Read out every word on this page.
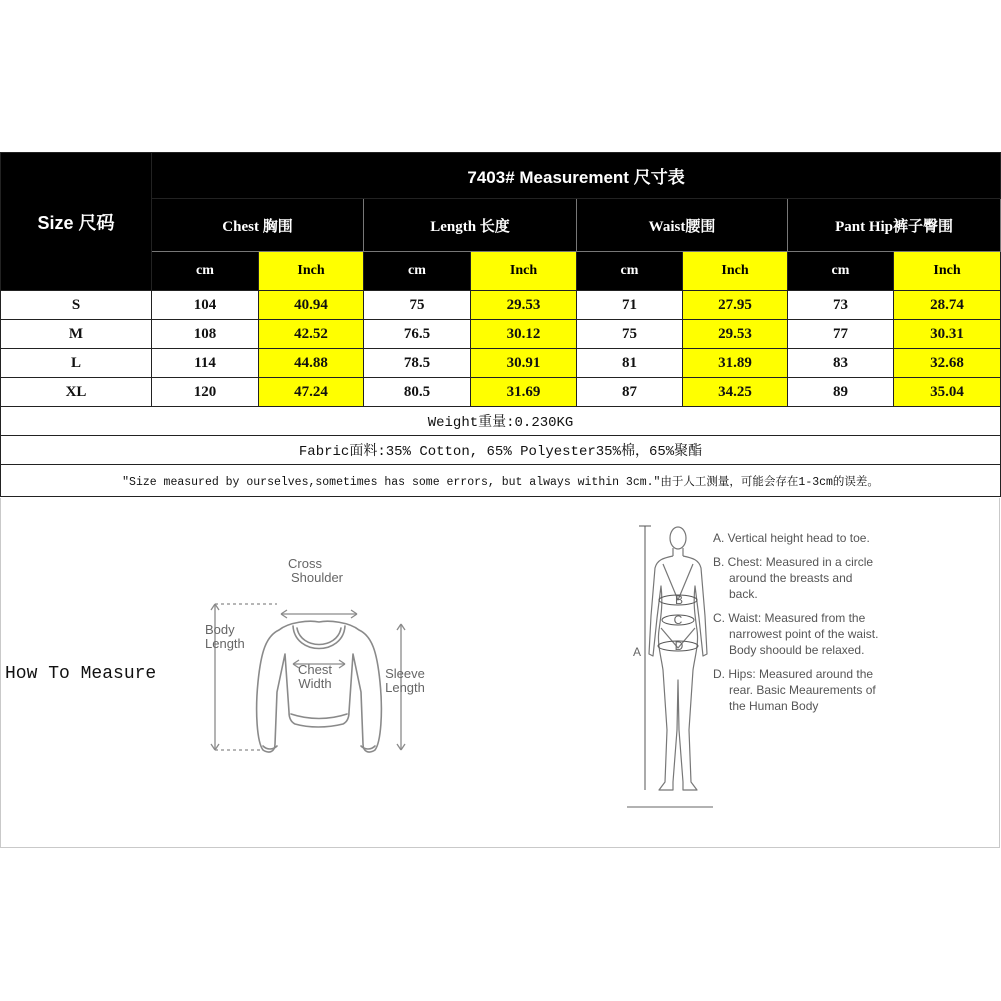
Size 尺码	7403# Measurement 尺寸表							
	Chest 胸围		Length 长度		Waist腰围		Pant Hip裤子臀围	
	cm	Inch	cm	Inch	cm	Inch	cm	Inch
S	104	40.94	75	29.53	71	27.95	73	28.74
M	108	42.52	76.5	30.12	75	29.53	77	30.31
L	114	44.88	78.5	30.91	81	31.89	83	32.68
XL	120	47.24	80.5	31.69	87	34.25	89	35.04
Weight重量:0.230KG								
Fabric面料:35% Cotton, 65% Polyester35%棉，65%聚酯								
"Size measured by ourselves,sometimes has some errors, but always within 3cm."由于人工测量，可能会存在1-3cm的误差。								
How To Measure
Cross
Shoulder
Body
Length
Chest
Width
Sleeve
Length
B
C
D
A

A. Vertical height head to toe.

B. Chest: Measured in a circle around the breasts and back.

C. Waist: Measured from the narrowest point of the waist. Body shoould be relaxed.

D. Hips: Measured around the rear. Basic Meaurements of the Human Body
